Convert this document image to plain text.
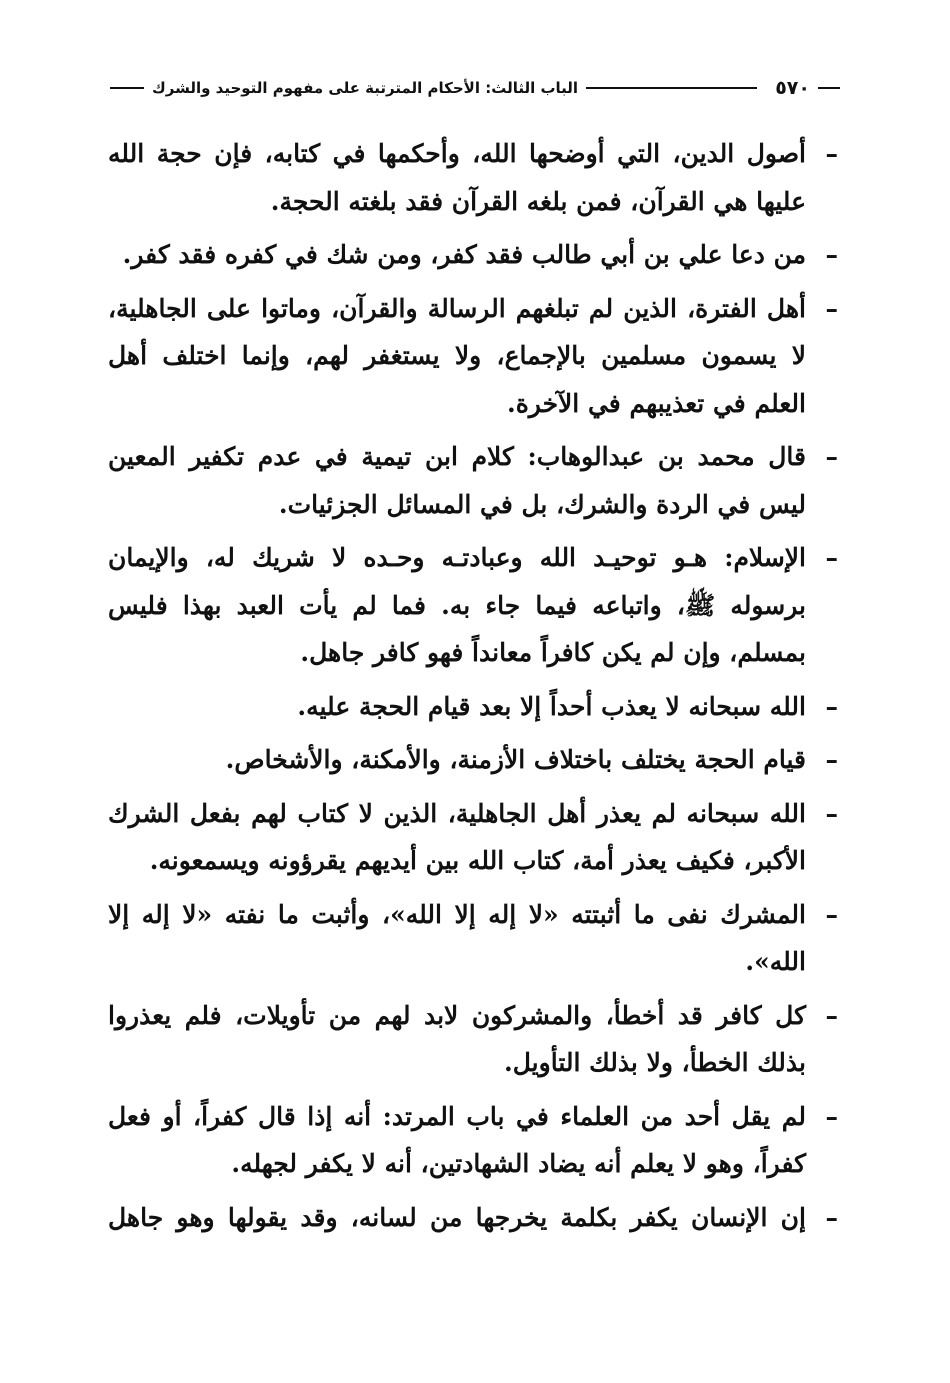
٥٧٠
الباب الثالث: الأحكام المترتبة على مفهوم التوحيد والشرك

– أصول الدين، التي أوضحها الله، وأحكمها في كتابه، فإن حجة الله عليها هي القرآن، فمن بلغه القرآن فقد بلغته الحجة.

– من دعا علي بن أبي طالب فقد كفر، ومن شك في كفره فقد كفر.

– أهل الفترة، الذين لم تبلغهم الرسالة والقرآن، وماتوا على الجاهلية، لا يسمون مسلمين بالإجماع، ولا يستغفر لهم، وإنما اختلف أهل العلم في تعذيبهم في الآخرة.

– قال محمد بن عبدالوهاب: كلام ابن تيمية في عدم تكفير المعين ليس في الردة والشرك، بل في المسائل الجزئيات.

– الإسلام: هـو توحيـد الله وعبادتـه وحـده لا شريك له، والإيمان برسوله ﷺ، واتباعه فيما جاء به. فما لم يأت العبد بهذا فليس بمسلم، وإن لم يكن كافراً معانداً فهو كافر جاهل.

– الله سبحانه لا يعذب أحداً إلا بعد قيام الحجة عليه.

– قيام الحجة يختلف باختلاف الأزمنة، والأمكنة، والأشخاص.

– الله سبحانه لم يعذر أهل الجاهلية، الذين لا كتاب لهم بفعل الشرك الأكبر، فكيف يعذر أمة، كتاب الله بين أيديهم يقرؤونه ويسمعونه.

– المشرك نفى ما أثبتته «لا إله إلا الله»، وأثبت ما نفته «لا إله إلا الله».

– كل كافر قد أخطأ، والمشركون لابد لهم من تأويلات، فلم يعذروا بذلك الخطأ، ولا بذلك التأويل.

– لم يقل أحد من العلماء في باب المرتد: أنه إذا قال كفراً، أو فعل كفراً، وهو لا يعلم أنه يضاد الشهادتين، أنه لا يكفر لجهله.

– إن الإنسان يكفر بكلمة يخرجها من لسانه، وقد يقولها وهو جاهل
